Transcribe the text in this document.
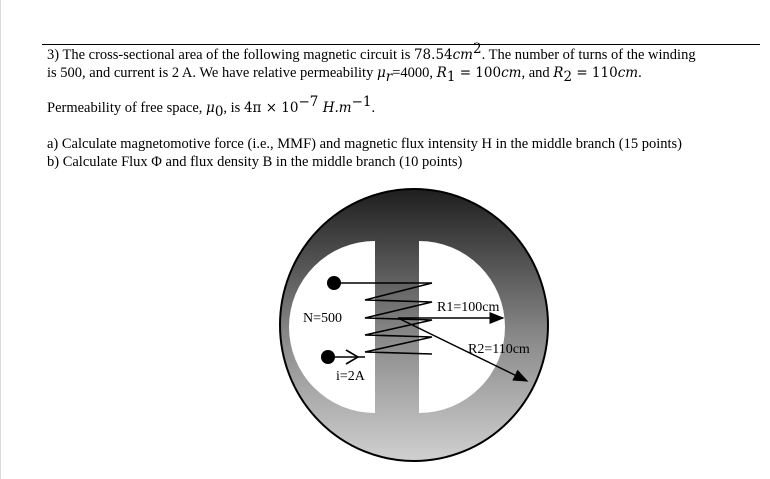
3) The cross-sectional area of the following magnetic circuit is $78.54cm^2$. The number of turns of the winding
is 500, and current is 2 A. We have relative permeability $\mu_r=4000$, $R_1 = 100cm$, and $R_2 = 110cm$.
Permeability of free space, $\mu_0$, is $4\pi \times 10^{-7}$ $H.m^{-1}$.
a) Calculate magnetomotive force (i.e., MMF) and magnetic flux intensity H in the middle branch (15 points)
b) Calculate Flux Φ and flux density B in the middle branch (10 points)
N=500
i=2A
R1=100cm
R2=110cm
